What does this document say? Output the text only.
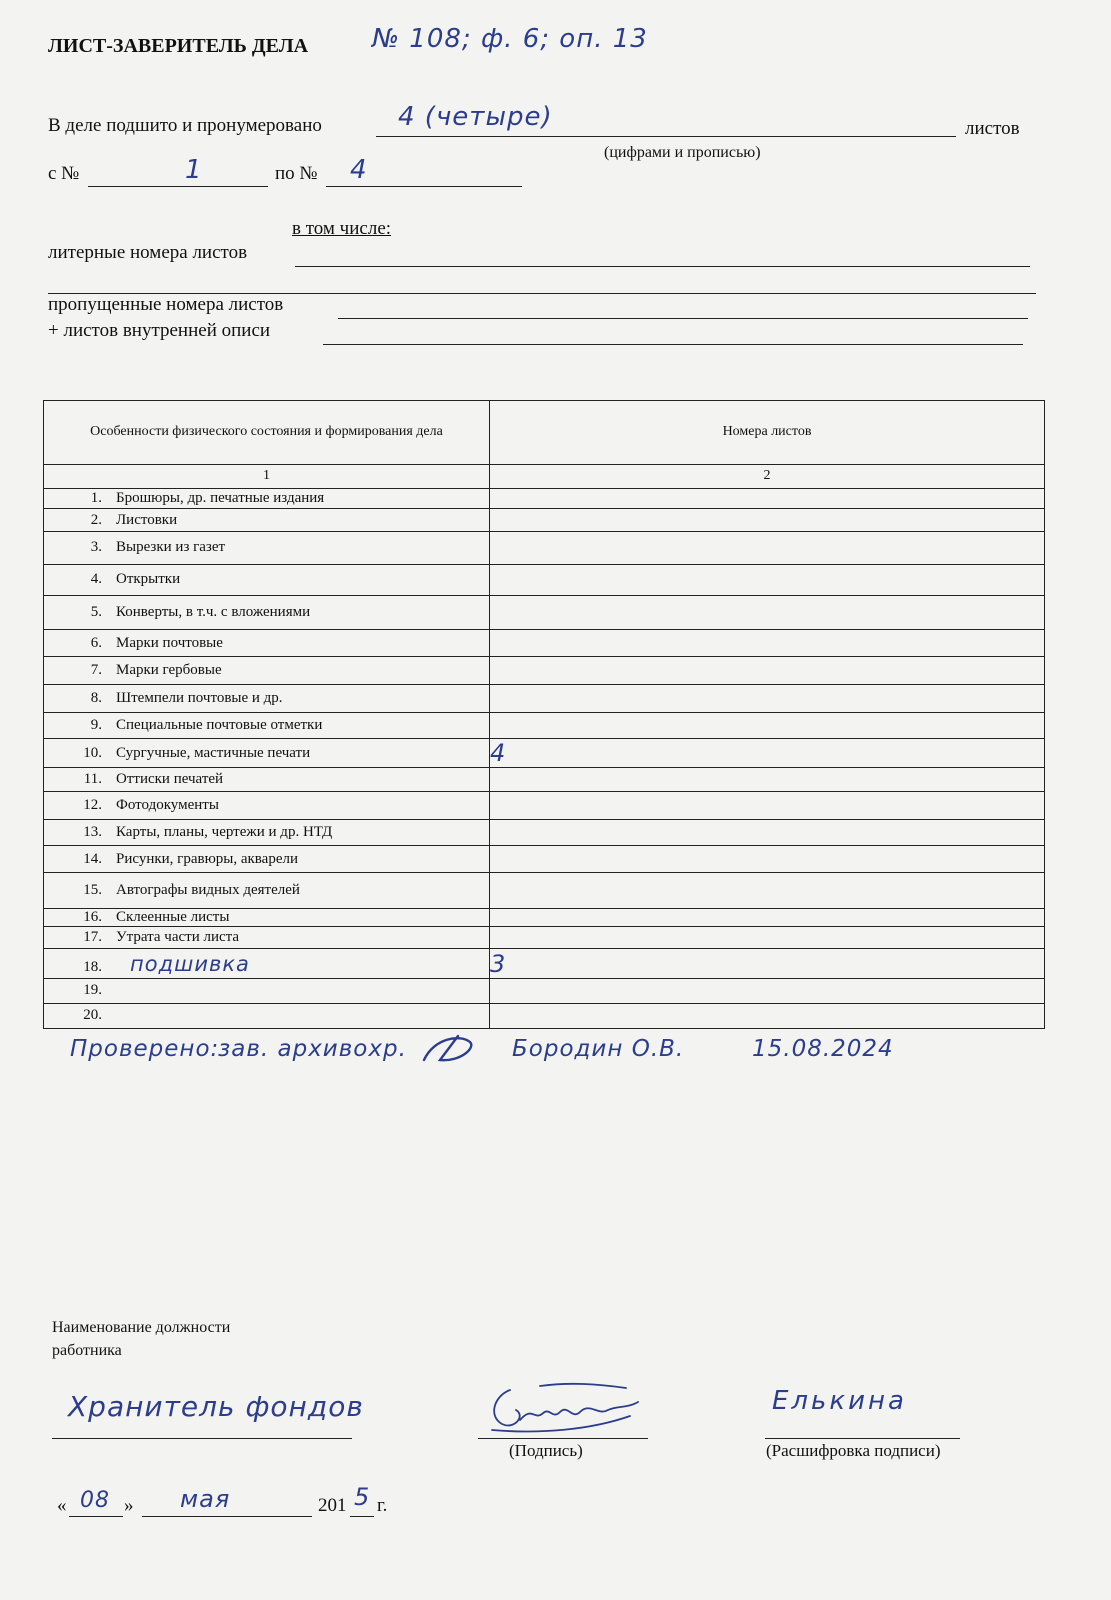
ЛИСТ-ЗАВЕРИТЕЛЬ ДЕЛА № 108; ф. 6; оп. 13
В деле подшито и пронумеровано	4 (четыре)	листов
(цифрами и прописью)
с №	1	по № 4
в том числе:
литерные номера листов
пропущенные номера листов
+ листов внутренней описи
Особенности физического состояния и формирования дела	Номера листов
1	2
1. Брошюры, др. печатные издания	
2. Листовки	
3. Вырезки из газет	
4. Открытки	
5. Конверты, в т.ч. с вложениями	
6. Марки почтовые	
7. Марки гербовые	
8. Штемпели почтовые и др.	
9. Специальные почтовые отметки	
10. Сургучные, мастичные печати	4
11. Оттиски печатей	
12. Фотодокументы	
13. Карты, планы, чертежи и др. НТД	
14. Рисунки, гравюры, акварели	
15. Автографы видных деятелей	
16. Склеенные листы	
17. Утрата части листа	
18. подшивка	3
19.	
20.	
Проверено:
зав. архивохр.	Бородин О.В.	15.08.2024
Наименование должности
работника
Хранитель фондов
(Подпись)
Елькина
(Расшифровка подписи)
« 08 » мая	201 5 г.
